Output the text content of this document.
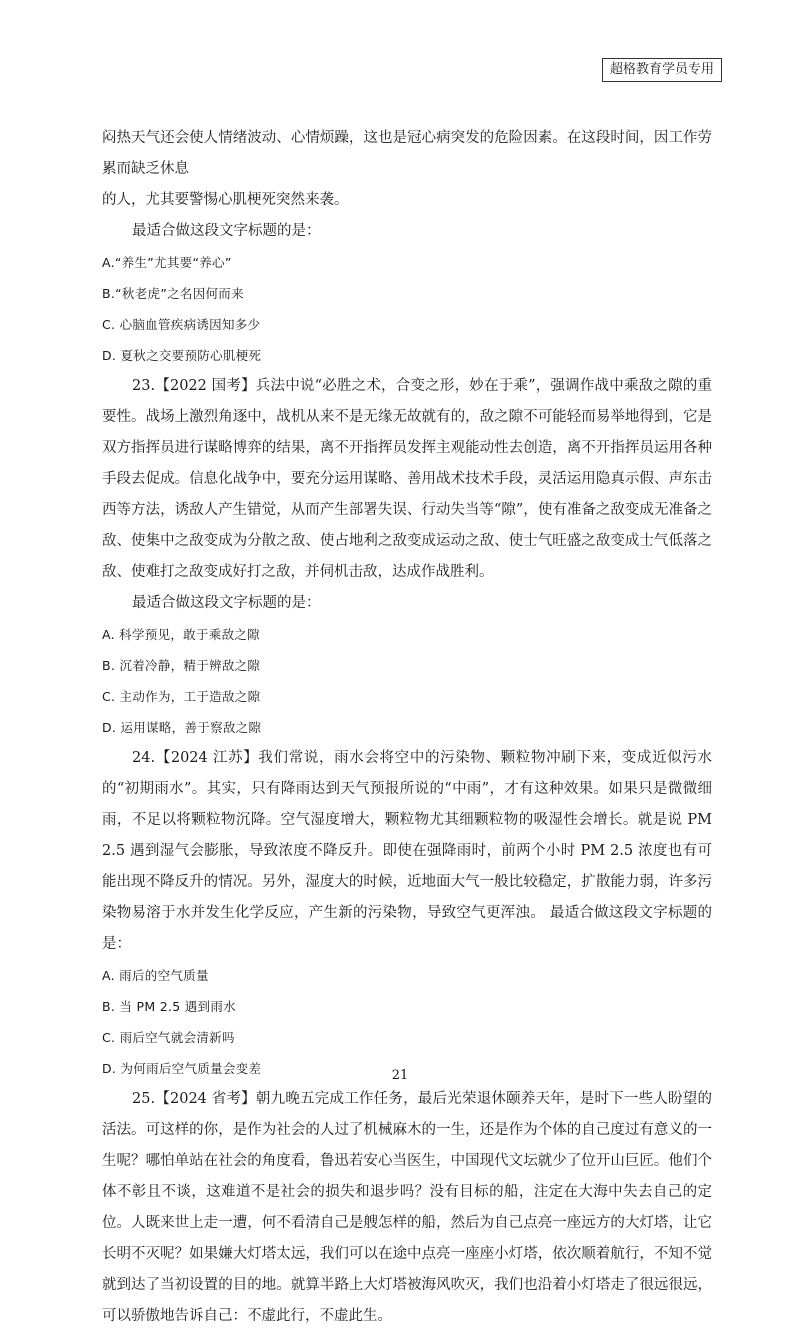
超格教育学员专用

闷热天气还会使人情绪波动、心情烦躁，这也是冠心病突发的危险因素。在这段时间，因工作劳累而缺乏休息

的人，尤其要警惕心肌梗死突然来袭。

最适合做这段文字标题的是：

A.“养生”尤其要“养心”
B.“秋老虎”之名因何而来
C. 心脑血管疾病诱因知多少
D. 夏秋之交要预防心肌梗死

23.【2022 国考】兵法中说“必胜之术，合变之形，妙在于乘”，强调作战中乘敌之隙的重要性。战场上激烈角逐中，战机从来不是无缘无故就有的，敌之隙不可能轻而易举地得到，它是双方指挥员进行谋略博弈的结果，离不开指挥员发挥主观能动性去创造，离不开指挥员运用各种手段去促成。信息化战争中，要充分运用谋略、善用战术技术手段，灵活运用隐真示假、声东击西等方法，诱敌人产生错觉，从而产生部署失误、行动失当等“隙”，使有准备之敌变成无准备之敌、使集中之敌变成为分散之敌、使占地利之敌变成运动之敌、使士气旺盛之敌变成士气低落之敌、使难打之敌变成好打之敌，并伺机击敌，达成作战胜利。

最适合做这段文字标题的是：

A. 科学预见，敢于乘敌之隙
B. 沉着冷静，精于辨敌之隙
C. 主动作为，工于造敌之隙
D. 运用谋略，善于察敌之隙

24.【2024 江苏】我们常说，雨水会将空中的污染物、颗粒物冲刷下来，变成近似污水的“初期雨水”。其实，只有降雨达到天气预报所说的“中雨”，才有这种效果。如果只是微微细雨，不足以将颗粒物沉降。空气湿度增大，颗粒物尤其细颗粒物的吸湿性会增长。就是说 PM 2.5 遇到湿气会膨胀，导致浓度不降反升。即使在强降雨时，前两个小时 PM 2.5 浓度也有可能出现不降反升的情况。另外，湿度大的时候，近地面大气一般比较稳定，扩散能力弱，许多污染物易溶于水并发生化学反应，产生新的污染物，导致空气更浑浊。 最适合做这段文字标题的是：

A. 雨后的空气质量
B. 当 PM 2.5 遇到雨水
C. 雨后空气就会清新吗
D. 为何雨后空气质量会变差

25.【2024 省考】朝九晚五完成工作任务，最后光荣退休颐养天年，是时下一些人盼望的活法。可这样的你，是作为社会的人过了机械麻木的一生，还是作为个体的自己度过有意义的一生呢？哪怕单站在社会的角度看，鲁迅若安心当医生，中国现代文坛就少了位开山巨匠。他们个体不彰且不谈，这难道不是社会的损失和退步吗？没有目标的船，注定在大海中失去自己的定位。人既来世上走一遭，何不看清自己是艘怎样的船，然后为自己点亮一座远方的大灯塔，让它长明不灭呢？如果嫌大灯塔太远，我们可以在途中点亮一座座小灯塔，依次顺着航行，不知不觉就到达了当初设置的目的地。就算半路上大灯塔被海风吹灭，我们也沿着小灯塔走了很远很远，可以骄傲地告诉自己：不虚此行，不虚此生。

21
